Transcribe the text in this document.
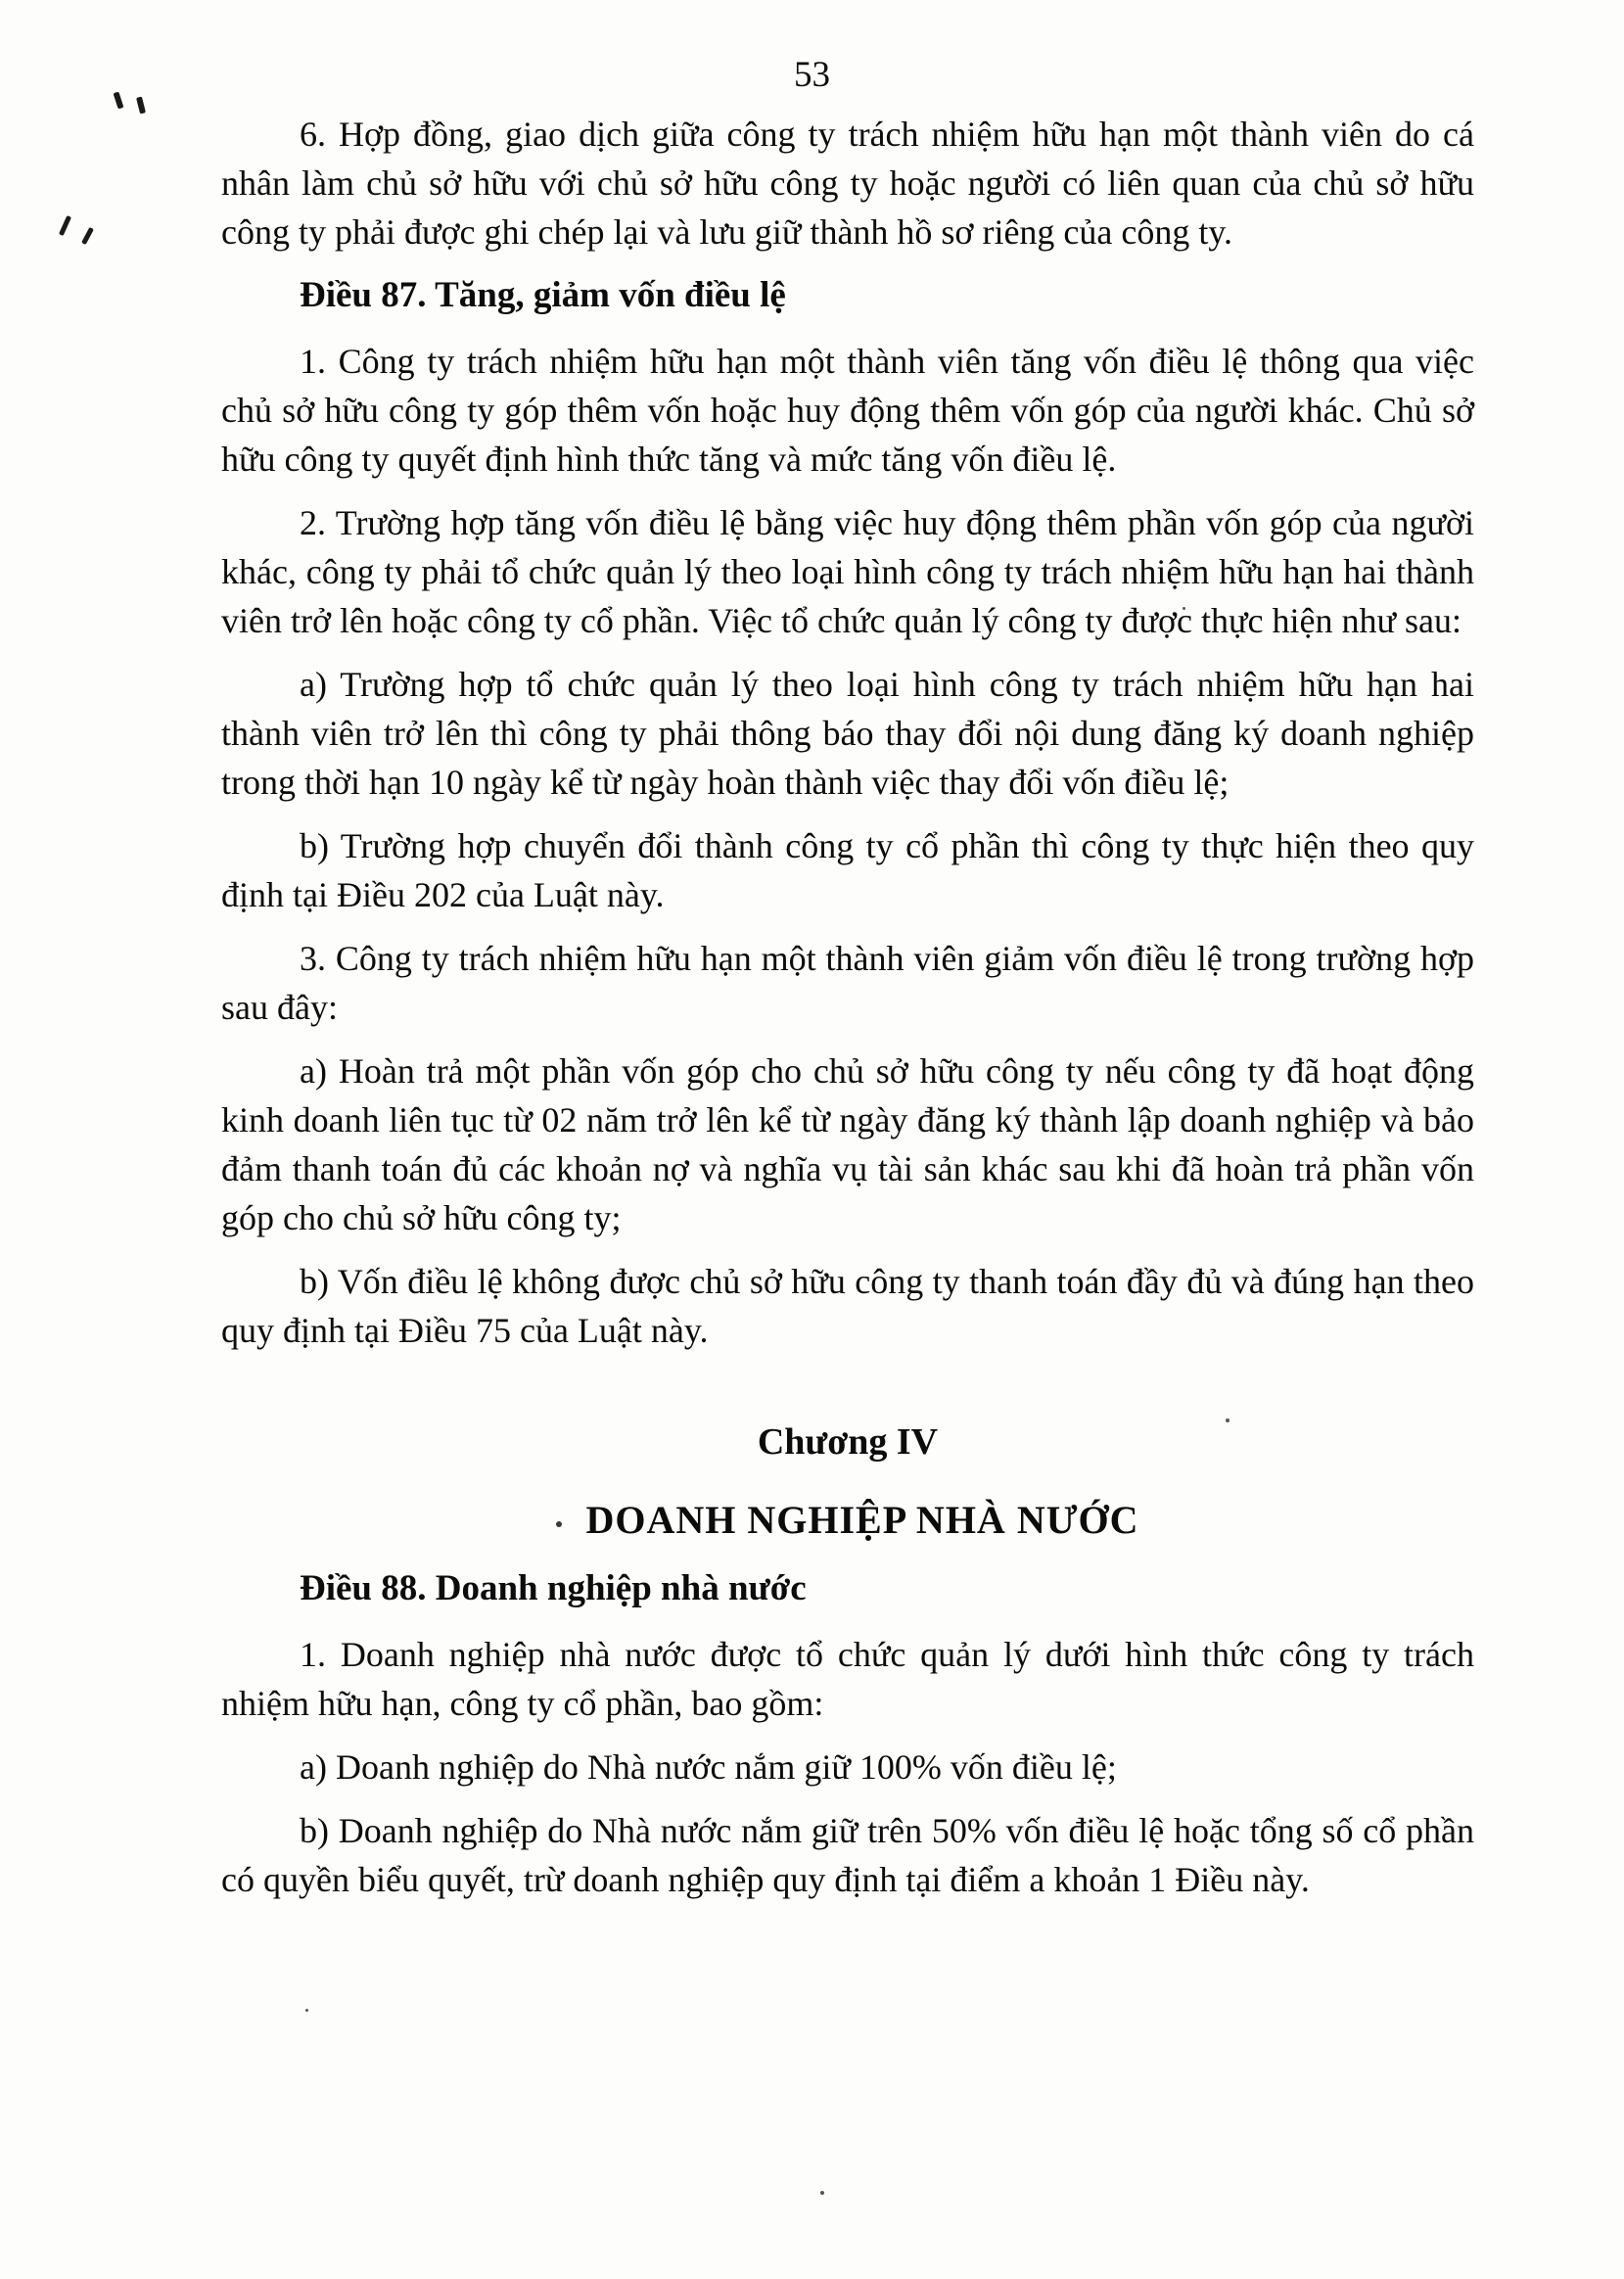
53
6. Hợp đồng, giao dịch giữa công ty trách nhiệm hữu hạn một thành viên do cá nhân làm chủ sở hữu với chủ sở hữu công ty hoặc người có liên quan của chủ sở hữu công ty phải được ghi chép lại và lưu giữ thành hồ sơ riêng của công ty.
Điều 87. Tăng, giảm vốn điều lệ
1. Công ty trách nhiệm hữu hạn một thành viên tăng vốn điều lệ thông qua việc chủ sở hữu công ty góp thêm vốn hoặc huy động thêm vốn góp của người khác. Chủ sở hữu công ty quyết định hình thức tăng và mức tăng vốn điều lệ.
2. Trường hợp tăng vốn điều lệ bằng việc huy động thêm phần vốn góp của người khác, công ty phải tổ chức quản lý theo loại hình công ty trách nhiệm hữu hạn hai thành viên trở lên hoặc công ty cổ phần. Việc tổ chức quản lý công ty được thực hiện như sau:
a) Trường hợp tổ chức quản lý theo loại hình công ty trách nhiệm hữu hạn hai thành viên trở lên thì công ty phải thông báo thay đổi nội dung đăng ký doanh nghiệp trong thời hạn 10 ngày kể từ ngày hoàn thành việc thay đổi vốn điều lệ;
b) Trường hợp chuyển đổi thành công ty cổ phần thì công ty thực hiện theo quy định tại Điều 202 của Luật này.
3. Công ty trách nhiệm hữu hạn một thành viên giảm vốn điều lệ trong trường hợp sau đây:
a) Hoàn trả một phần vốn góp cho chủ sở hữu công ty nếu công ty đã hoạt động kinh doanh liên tục từ 02 năm trở lên kể từ ngày đăng ký thành lập doanh nghiệp và bảo đảm thanh toán đủ các khoản nợ và nghĩa vụ tài sản khác sau khi đã hoàn trả phần vốn góp cho chủ sở hữu công ty;
b) Vốn điều lệ không được chủ sở hữu công ty thanh toán đầy đủ và đúng hạn theo quy định tại Điều 75 của Luật này.
Chương IV
DOANH NGHIỆP NHÀ NƯỚC
Điều 88. Doanh nghiệp nhà nước
1. Doanh nghiệp nhà nước được tổ chức quản lý dưới hình thức công ty trách nhiệm hữu hạn, công ty cổ phần, bao gồm:
a) Doanh nghiệp do Nhà nước nắm giữ 100% vốn điều lệ;
b) Doanh nghiệp do Nhà nước nắm giữ trên 50% vốn điều lệ hoặc tổng số cổ phần có quyền biểu quyết, trừ doanh nghiệp quy định tại điểm a khoản 1 Điều này.
